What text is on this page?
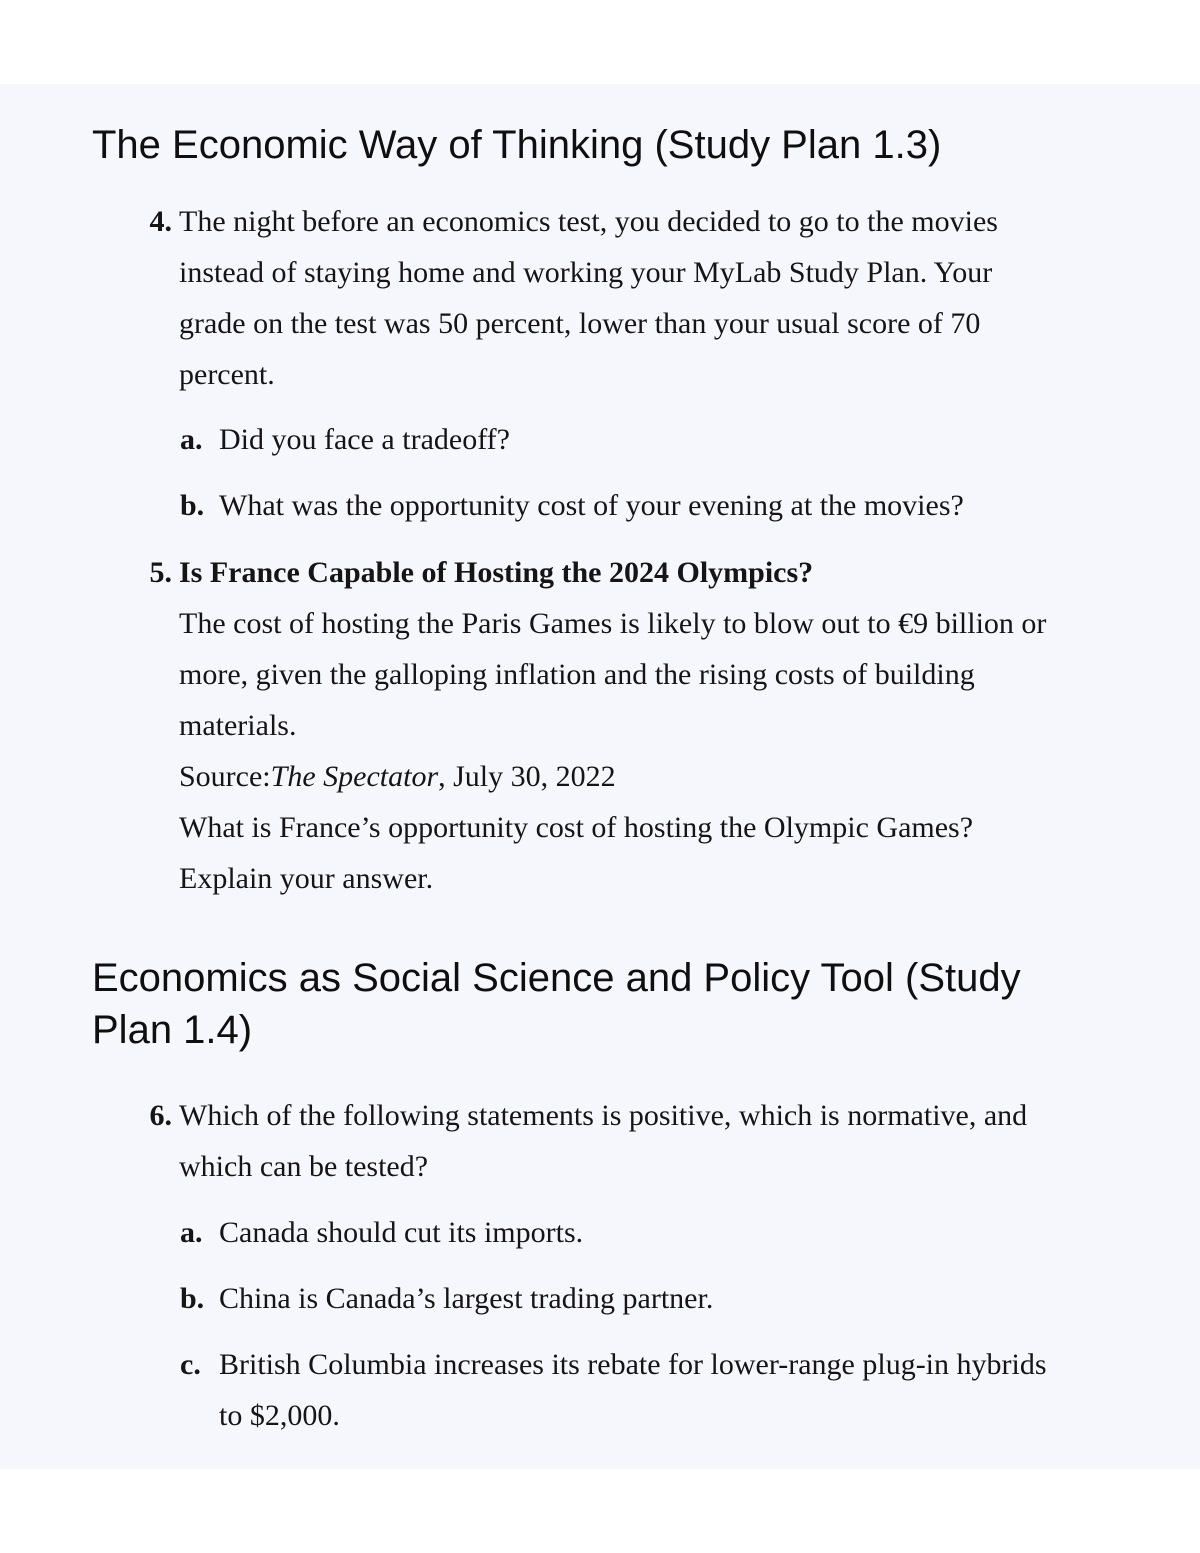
The Economic Way of Thinking (Study Plan 1.3)
4. The night before an economics test, you decided to go to the movies
instead of staying home and working your MyLab Study Plan. Your
grade on the test was 50 percent, lower than your usual score of 70
percent.
a. Did you face a tradeoff?
b. What was the opportunity cost of your evening at the movies?
5. Is France Capable of Hosting the 2024 Olympics?
The cost of hosting the Paris Games is likely to blow out to €9 billion or
more, given the galloping inflation and the rising costs of building
materials.
Source:The Spectator, July 30, 2022
What is France’s opportunity cost of hosting the Olympic Games?
Explain your answer.
Economics as Social Science and Policy Tool (Study
Plan 1.4)
6. Which of the following statements is positive, which is normative, and
which can be tested?
a. Canada should cut its imports.
b. China is Canada’s largest trading partner.
c. British Columbia increases its rebate for lower-range plug-in hybrids
to $2,000.
